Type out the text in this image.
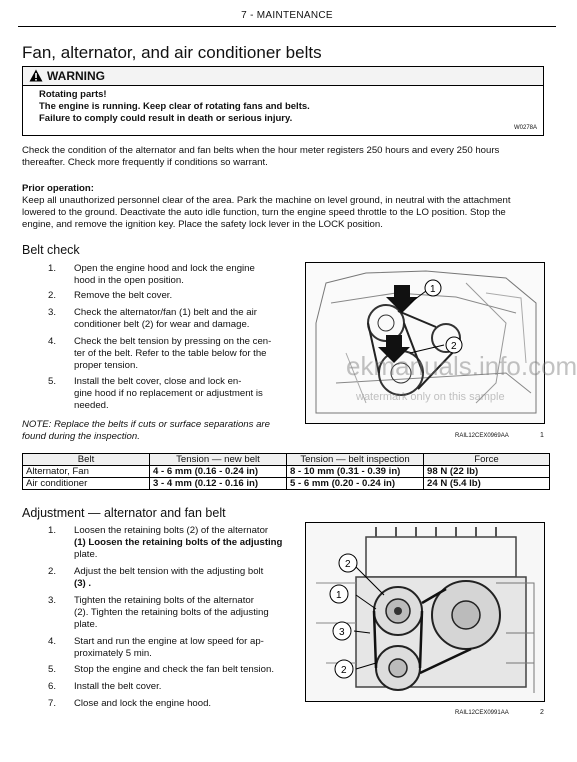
7 - MAINTENANCE
Fan, alternator, and air conditioner belts
WARNING
Rotating parts!
The engine is running. Keep clear of rotating fans and belts.
Failure to comply could result in death or serious injury.
W0278A
Check the condition of the alternator and fan belts when the hour meter registers 250 hours and every 250 hours
thereafter. Check more frequently if conditions so warrant.
Prior operation:
Keep all unauthorized personnel clear of the area. Park the machine on level ground, in neutral with the attachment
lowered to the ground. Deactivate the auto idle function, turn the engine speed throttle to the LO position. Stop the
engine, and remove the ignition key. Place the safety lock lever in the LOCK position.
Belt check
1. Open the engine hood and lock the engine
hood in the open position.
2. Remove the belt cover.
3. Check the alternator/fan (1) belt and the air
conditioner belt (2) for wear and damage.
4. Check the belt tension by pressing on the cen-
ter of the belt. Refer to the table below for the
proper tension.
5. Install the belt cover, close and lock en-
gine hood if no replacement or adjustment is
needed.
NOTE: Replace the belts if cuts or surface separations are found during the inspection.
1
2
ekmanuals.info.com
watermark only on this sample
RAIL12CEX0969AA	1
Belt	Tension — new belt	Tension — belt inspection	Force
Alternator, Fan	4 - 6 mm (0.16 - 0.24 in)	8 - 10 mm (0.31 - 0.39 in)	98 N (22 lb)
Air conditioner	3 - 4 mm (0.12 - 0.16 in)	5 - 6 mm (0.20 - 0.24 in)	24 N (5.4 lb)
Adjustment — alternator and fan belt
1. Loosen the retaining bolts (2) of the alternator
(1) Loosen the retaining bolts of the adjusting
plate.
2. Adjust the belt tension with the adjusting bolt
(3) .
3. Tighten the retaining bolts of the alternator
(2). Tighten the retaining bolts of the adjusting
plate.
4. Start and run the engine at low speed for ap-
proximately 5 min.
5. Stop the engine and check the fan belt tension.
6. Install the belt cover.
7. Close and lock the engine hood.
2
1
3
2
RAIL12CEX0991AA	2
